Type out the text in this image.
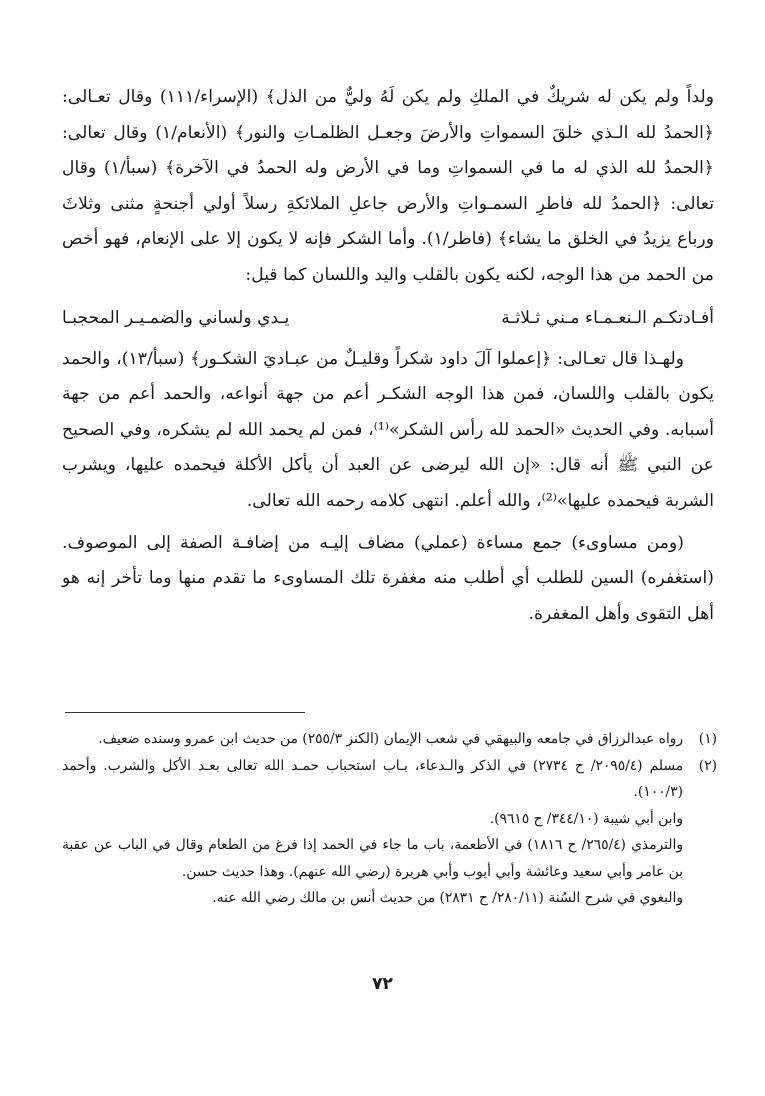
ولداً ولم يكن له شريكٌ في الملكِ ولم يكن لَهُ وليٌّ من الذل﴾ (الإسراء/١١١) وقال تعـالى: ﴿الحمدُ لله الـذي خلقَ السمواتِ والأرضَ وجعـل الظلمـاتِ والنور﴾ (الأنعام/١) وقال تعالى: ﴿الحمدُ لله الذي له ما في السمواتِ وما في الأرض وله الحمدُ في الآخرة﴾ (سبأ/١) وقال تعالى: ﴿الحمدُ لله فاطرِ السمـواتِ والأرض جاعلِ الملائكةِ رسلاً أولي أجنحةٍ مثنى وثلاثَ ورباع يزيدُ في الخلق ما يشاء﴾ (فاطر/١). وأما الشكر فإنه لا يكون إلا على الإنعام، فهو أخص من الحمد من هذا الوجه، لكنه يكون بالقلب واليد واللسان كما قيل:

أفـادتكـم الـنعـمـاء مـني ثـلاثـة
يـدي ولساني والضمـيـر المحجبـا

ولهـذا قال تعـالى: ﴿إعملوا آلَ داود شكراً وقليـلٌ من عبـاديَ الشكـور﴾ (سبأ/١٣)، والحمد يكون بالقلب واللسان، فمن هذا الوجه الشكـر أعم من جهة أنواعه، والحمد أعم من جهة أسبابه. وفي الحديث «الحمد لله رأس الشكر»⁽¹⁾، فمن لم يحمد الله لم يشكره، وفي الصحيح عن النبي ﷺ أنه قال: «إن الله ليرضى عن العبد أن يأكل الأكلة فيحمده عليها، ويشرب الشربة فيحمده عليها»⁽²⁾، والله أعلم. انتهى كلامه رحمه الله تعالى.

(ومن مساوىء) جمع مساءة (عملي) مضاف إليـه من إضافـة الصفة إلى الموصوف. (استغفره) السين للطلب أي أطلب منه مغفرة تلك المساوىء ما تقدم منها وما تأخر إنه هو أهل التقوى وأهل المغفرة.

(١)
رواه عبدالرزاق في جامعه والبيهقي في شعب الإيمان (الكنز ٢٥٥/٣) من حديث ابن عمرو وسنده ضعيف.
(٢)
مسلم (٢٠٩٥/٤/ ح ٢٧٣٤) في الذكر والـدعاء، بـاب استحباب حمـد الله تعالى بعـد الأكل والشرب. وأحمد (١٠٠/٣).
وابن أبي شيبة (٣٤٤/١٠/ ح ٩٦١٥).
والترمذي (٢٦٥/٤/ ح ١٨١٦) في الأطعمة، باب ما جاء في الحمد إذا فرغ من الطعام وقال في الباب عن عقبة بن عامر وأبي سعيد وعائشة وأبي أيوب وأبي هريرة (رضي الله عنهم). وهذا حديث حسن.
والبغوي في شرح السُنة (٢٨٠/١١/ ح ٢٨٣١) من حديث أنس بن مالك رضي الله عنه.
٧٢
